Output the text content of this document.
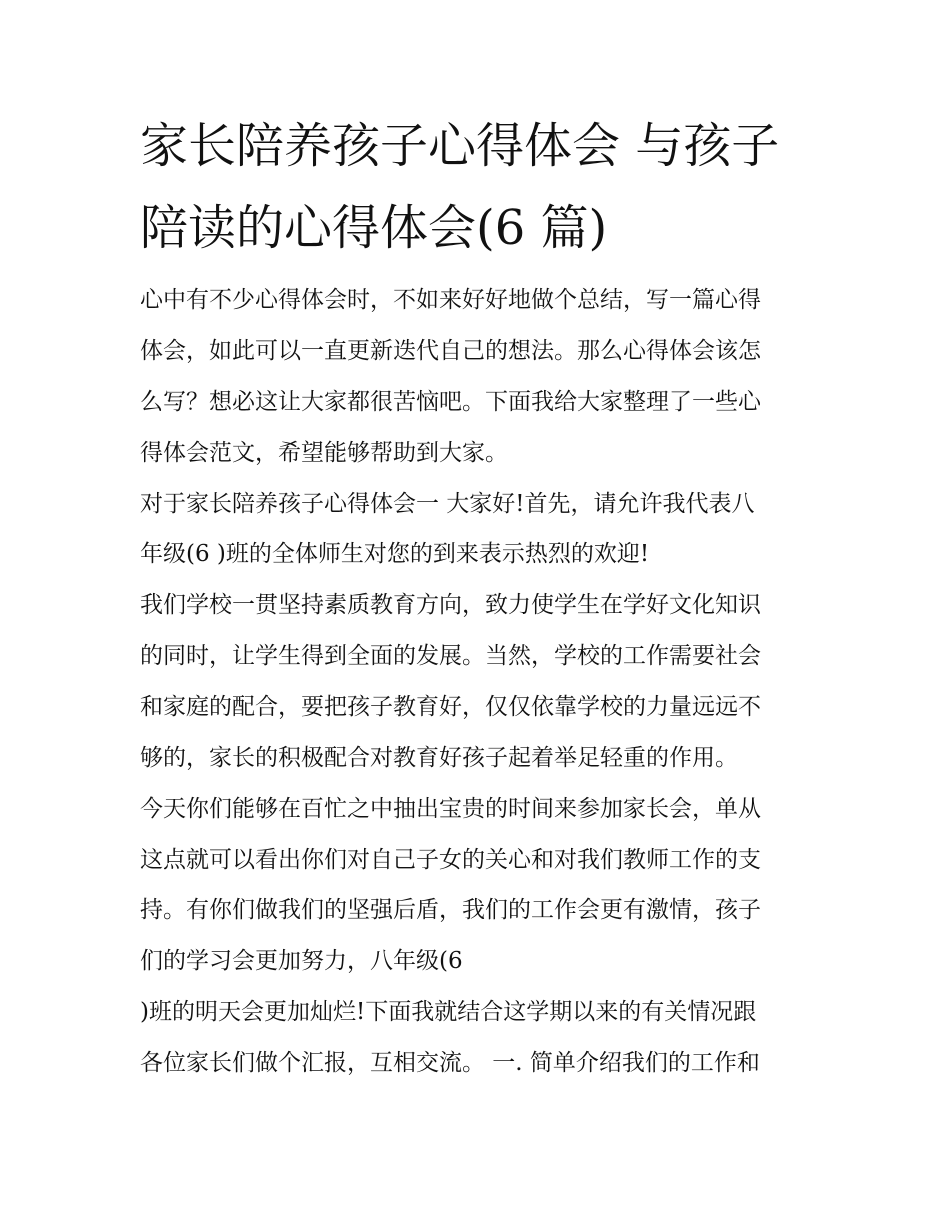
家长陪养孩子心得体会 与孩子
陪读的心得体会(6 篇)
心中有不少心得体会时，不如来好好地做个总结，写一篇心得
体会，如此可以一直更新迭代自己的想法。那么心得体会该怎
么写？想必这让大家都很苦恼吧。下面我给大家整理了一些心
得体会范文，希望能够帮助到大家。
对于家长陪养孩子心得体会一 大家好!首先，请允许我代表八
年级(6 )班的全体师生对您的到来表示热烈的欢迎!
我们学校一贯坚持素质教育方向，致力使学生在学好文化知识
的同时，让学生得到全面的发展。当然，学校的工作需要社会
和家庭的配合，要把孩子教育好，仅仅依靠学校的力量远远不
够的，家长的积极配合对教育好孩子起着举足轻重的作用。
今天你们能够在百忙之中抽出宝贵的时间来参加家长会，单从
这点就可以看出你们对自己子女的关心和对我们教师工作的支
持。有你们做我们的坚强后盾，我们的工作会更有激情，孩子
们的学习会更加努力，八年级(6
)班的明天会更加灿烂!下面我就结合这学期以来的有关情况跟
各位家长们做个汇报，互相交流。 一. 简单介绍我们的工作和
